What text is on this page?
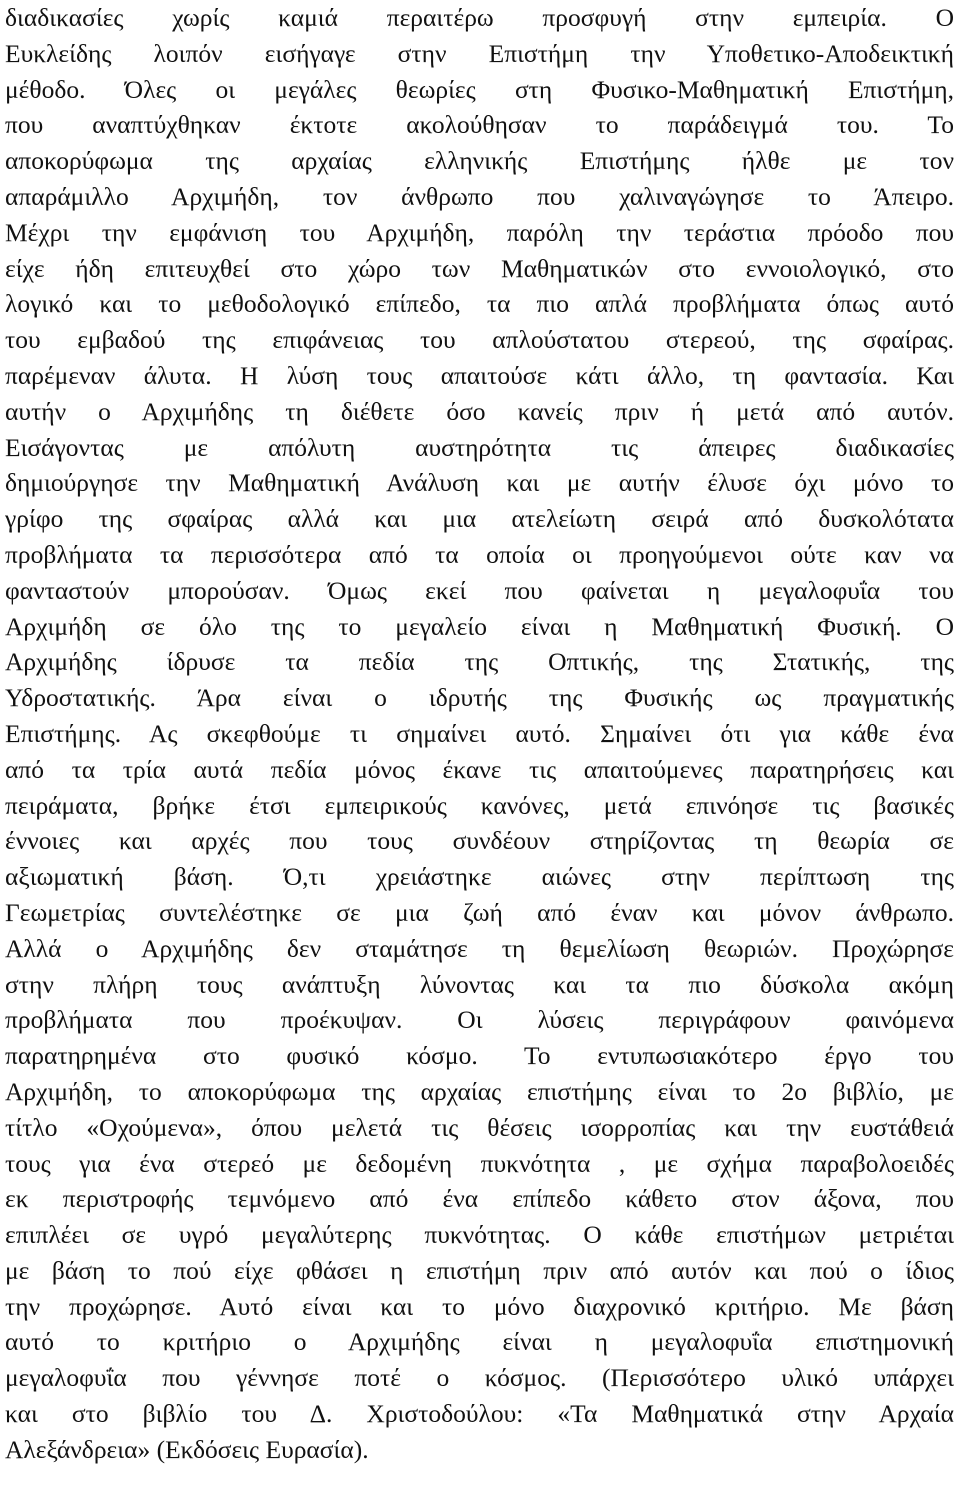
διαδικασίες χωρίς καμιά περαιτέρω προσφυγή στην εμπειρία. Ο
Ευκλείδης λοιπόν εισήγαγε στην Επιστήμη την Υποθετικο-Αποδεικτική
μέθοδο. Όλες οι μεγάλες θεωρίες στη Φυσικο-Μαθηματική Επιστήμη,
που αναπτύχθηκαν έκτοτε ακολούθησαν το παράδειγμά του. Το
αποκορύφωμα της αρχαίας ελληνικής Επιστήμης ήλθε με τον
απαράμιλλο Αρχιμήδη, τον άνθρωπο που χαλιναγώγησε το Άπειρο.
Μέχρι την εμφάνιση του Αρχιμήδη, παρόλη την τεράστια πρόοδο που
είχε ήδη επιτευχθεί στο χώρο των Μαθηματικών στο εννοιολογικό, στο
λογικό και το μεθοδολογικό επίπεδο, τα πιο απλά προβλήματα όπως αυτό
του εμβαδού της επιφάνειας του απλούστατου στερεού, της σφαίρας.
παρέμεναν άλυτα. Η λύση τους απαιτούσε κάτι άλλο, τη φαντασία. Και
αυτήν ο Αρχιμήδης τη διέθετε όσο κανείς πριν ή μετά από αυτόν.
Εισάγοντας με απόλυτη αυστηρότητα τις άπειρες διαδικασίες
δημιούργησε την Μαθηματική Ανάλυση και με αυτήν έλυσε όχι μόνο το
γρίφο της σφαίρας αλλά και μια ατελείωτη σειρά από δυσκολότατα
προβλήματα τα περισσότερα από τα οποία οι προηγούμενοι ούτε καν να
φανταστούν μπορούσαν. Όμως εκεί που φαίνεται η μεγαλοφυΐα του
Αρχιμήδη σε όλο της το μεγαλείο είναι η Μαθηματική Φυσική. Ο
Αρχιμήδης ίδρυσε τα πεδία της Οπτικής, της Στατικής, της
Υδροστατικής. Άρα είναι ο ιδρυτής της Φυσικής ως πραγματικής
Επιστήμης. Ας σκεφθούμε τι σημαίνει αυτό. Σημαίνει ότι για κάθε ένα
από τα τρία αυτά πεδία μόνος έκανε τις απαιτούμενες παρατηρήσεις και
πειράματα, βρήκε έτσι εμπειρικούς κανόνες, μετά επινόησε τις βασικές
έννοιες και αρχές που τους συνδέουν στηρίζοντας τη θεωρία σε
αξιωματική βάση. Ό,τι χρειάστηκε αιώνες στην περίπτωση της
Γεωμετρίας συντελέστηκε σε μια ζωή από έναν και μόνον άνθρωπο.
Αλλά ο Αρχιμήδης δεν σταμάτησε τη θεμελίωση θεωριών. Προχώρησε
στην πλήρη τους ανάπτυξη λύνοντας και τα πιο δύσκολα ακόμη
προβλήματα που προέκυψαν. Οι λύσεις περιγράφουν φαινόμενα
παρατηρημένα στο φυσικό κόσμο. Το εντυπωσιακότερο έργο του
Αρχιμήδη, το αποκορύφωμα της αρχαίας επιστήμης είναι το 2ο βιβλίο, με
τίτλο «Οχούμενα», όπου μελετά τις θέσεις ισορροπίας και την ευστάθειά
τους για ένα στερεό με δεδομένη πυκνότητα , με σχήμα παραβολοειδές
εκ περιστροφής τεμνόμενο από ένα επίπεδο κάθετο στον άξονα, που
επιπλέει σε υγρό μεγαλύτερης πυκνότητας. Ο κάθε επιστήμων μετριέται
με βάση το πού είχε φθάσει η επιστήμη πριν από αυτόν και πού ο ίδιος
την προχώρησε. Αυτό είναι και το μόνο διαχρονικό κριτήριο. Με βάση
αυτό το κριτήριο ο Αρχιμήδης είναι η μεγαλοφυΐα επιστημονική
μεγαλοφυΐα που γέννησε ποτέ ο κόσμος. (Περισσότερο υλικό υπάρχει
και στο βιβλίο του Δ. Χριστοδούλου: «Τα Μαθηματικά στην Αρχαία
Αλεξάνδρεια» (Εκδόσεις Ευρασία).
